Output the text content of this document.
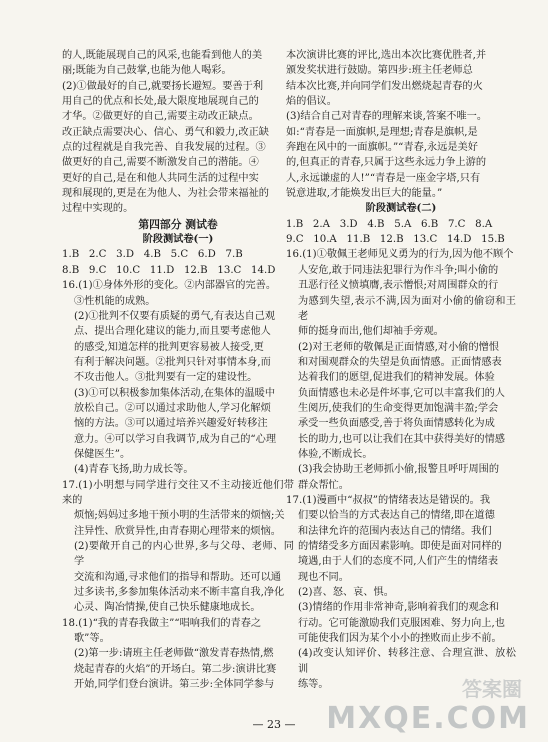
的人,既能展现自己的风采,也能看到他人的美

丽;既能为自己鼓掌,也能为他人喝彩。

(2)①做最好的自己,就要扬长避短。要善于利

用自己的优点和长处,最大限度地展现自己的

才华。②做更好的自己,需要主动改正缺点。

改正缺点需要决心、信心、勇气和毅力,改正缺

点的过程就是自我完善、自我发展的过程。③

做更好的自己,需要不断激发自己的潜能。④

更好的自己,是在和他人共同生活的过程中实

现和展现的,更是在为他人、为社会带来福祉的

过程中实现的。

第四部分 测试卷

阶段测试卷(一)

1.B   2.C   3.D   4.B   5.C   6.D   7.B

8.B   9.C   10.C   11.D   12.B   13.C   14.D

16.(1)①身体外形的变化。②内部器官的完善。

③性机能的成熟。

(2)①批判不仅要有质疑的勇气,有表达自己观

点、提出合理化建议的能力,而且要考虑他人

的感受,知道怎样的批判更容易被人接受,更

有利于解决问题。②批判只针对事情本身,而

不攻击他人。③批判要有一定的建设性。

(3)①可以积极参加集体活动,在集体的温暖中

放松自己。②可以通过求助他人,学习化解烦

恼的方法。③可以通过培养兴趣爱好转移注

意力。④可以学习自我调节,成为自己的“心理

保健医生”。

(4)青春飞扬,助力成长等。

17.(1)小明想与同学进行交往又不主动接近他们带来的

烦恼;妈妈过多地干预小明的生活带来的烦恼;关

注异性、欣赏异性,由青春期心理带来的烦恼。

(2)要敞开自己的内心世界,多与父母、老师、同学

交流和沟通,寻求他们的指导和帮助。还可以通

过多读书,多参加集体活动来不断丰富自我,净化

心灵、陶冶情操,使自己快乐健康地成长。

18.(1)“我的青春我做主”“唱响我们的青春之

歌”等。

(2)第一步:请班主任老师做“激发青春热情,燃

烧起青春的火焰”的开场白。第二步:演讲比赛

开始,同学们登台演讲。第三步:全体同学参与

本次演讲比赛的评比,选出本次比赛优胜者,并

颁发奖状进行鼓励。第四步:班主任老师总

结本次比赛,并向同学们发出燃烧起青春的火

焰的倡议。

(3)结合自己对青春的理解来谈,答案不唯一。

如:“青春是一面旗帜,是理想;青春是旗帜,是

奔跑在风中的一面旗帜。”“青春,永远是美好

的,但真正的青春,只属于这些永远力争上游的

人,永远谦虚的人!”“青春是一座金字塔,只有

锐意进取,才能焕发出巨大的能量。”

阶段测试卷(二)

1.B   2.A   3.D   4.B   5.A   6.B   7.C   8.A

9.C   10.A   11.B   12.B   13.C   14.D   15.B

16.(1)①敬佩王老师见义勇为的行为,因为他不顾个

人安危,敢于同违法犯罪行为作斗争;叫小偷的

丑恶行径义愤填膺,表示憎恨;对周围群众的行

为感到失望,表示不满,因为面对小偷的偷窃和王老

师的挺身而出,他们却袖手旁观。

(2)对王老师的敬佩是正面情感,对小偷的憎恨

和对围观群众的失望是负面情感。正面情感表

达着我们的愿望,促进我们的精神发展。体验

负面情感也未必是件坏事,它可以丰富我们的人

生阅历,使我们的生命变得更加饱满丰盈;学会

承受一些负面感受,善于将负面情感转化为成

长的助力,也可以让我们在其中获得美好的情感

体验,不断成长。

(3)我会协助王老师抓小偷,报警且呼吁周围的

群众帮忙。

17.(1)漫画中“叔叔”的情绪表达是错误的。我

们要以恰当的方式表达自己的情绪,即在道德

和法律允许的范围内表达自己的情绪。我们

的情绪受多方面因素影响。即使是面对同样的

境遇,由于人们的态度不同,人们产生的情绪表

现也不同。

(2)喜、怒、哀、惧。

(3)情绪的作用非常神奇,影响着我们的观念和

行动。它可能激励我们克服困难、努力向上,也

可能使我们因为某个小小的挫败而止步不前。

(4)改变认知评价、转移注意、合理宣泄、放松训

练等。

— 23 —
答案圈
MXQE.COM
